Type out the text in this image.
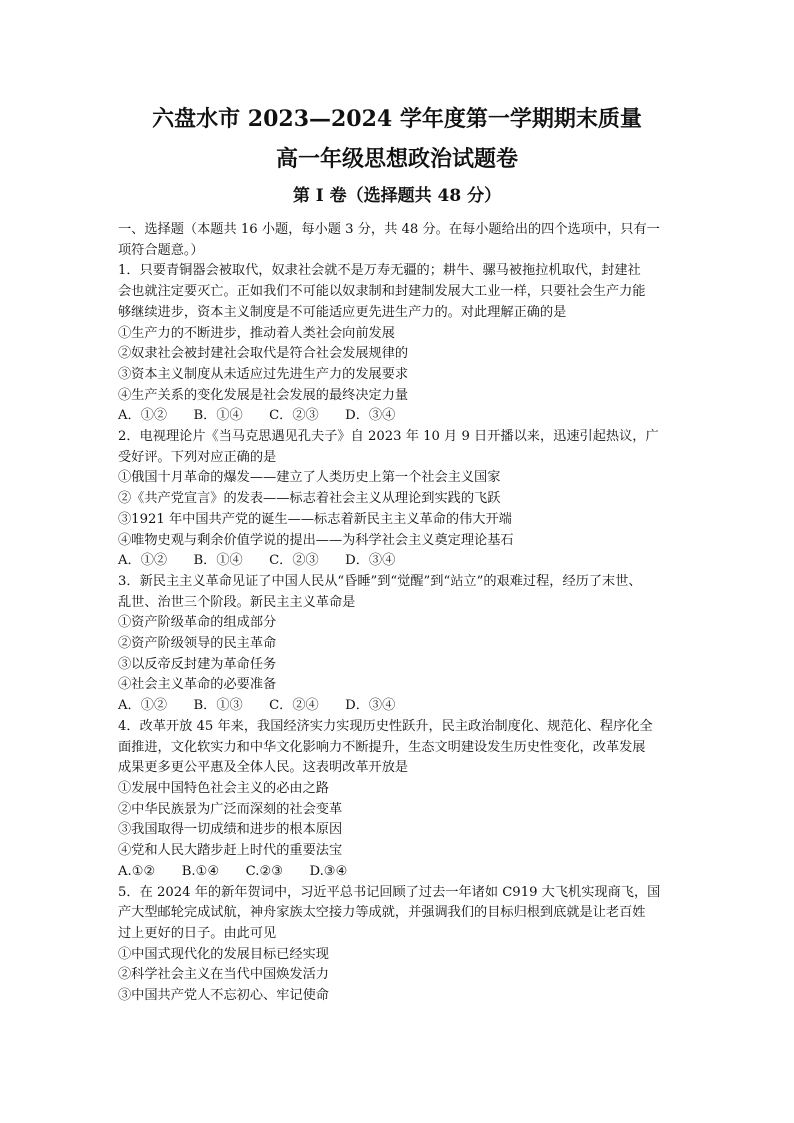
六盘水市 2023—2024 学年度第一学期期末质量
高一年级思想政治试题卷
第 I 卷（选择题共 48 分）

一、选择题（本题共 16 小题，每小题 3 分，共 48 分。在每小题给出的四个选项中，只有一

项符合题意。）

1．只要青铜器会被取代，奴隶社会就不是万寿无疆的；耕牛、骡马被拖拉机取代，封建社

会也就注定要灭亡。正如我们不可能以奴隶制和封建制发展大工业一样，只要社会生产力能

够继续进步，资本主义制度是不可能适应更先进生产力的。对此理解正确的是

①生产力的不断进步，推动着人类社会向前发展

②奴隶社会被封建社会取代是符合社会发展规律的

③资本主义制度从未适应过先进生产力的发展要求

④生产关系的变化发展是社会发展的最终决定力量

A．①②　　B．①④　　C．②③　　D．③④

2．电视理论片《当马克思遇见孔夫子》自 2023 年 10 月 9 日开播以来，迅速引起热议，广

受好评。下列对应正确的是

①俄国十月革命的爆发——建立了人类历史上第一个社会主义国家

②《共产党宣言》的发表——标志着社会主义从理论到实践的飞跃

③1921 年中国共产党的诞生——标志着新民主主义革命的伟大开端

④唯物史观与剩余价值学说的提出——为科学社会主义奠定理论基石

A．①②　　B．①④　　C．②③　　D．③④

3．新民主主义革命见证了中国人民从“昏睡”到“觉醒”到“站立”的艰难过程，经历了末世、

乱世、治世三个阶段。新民主主义革命是

①资产阶级革命的组成部分

②资产阶级领导的民主革命

③以反帝反封建为革命任务

④社会主义革命的必要准备

A．①②　　B．①③　　C．②④　　D．③④

4．改革开放 45 年来，我国经济实力实现历史性跃升，民主政治制度化、规范化、程序化全

面推进，文化软实力和中华文化影响力不断提升，生态文明建设发生历史性变化，改革发展

成果更多更公平惠及全体人民。这表明改革开放是

①发展中国特色社会主义的必由之路

②中华民族景为广泛而深刻的社会变革

③我国取得一切成绩和进步的根本原因

④党和人民大踏步赶上时代的重要法宝

A.①②　　B.①④　　C.②③　　D.③④

5．在 2024 年的新年贺词中，习近平总书记回顾了过去一年诸如 C919 大飞机实现商飞，国

产大型邮轮完成试航，神舟家族太空接力等成就，并强调我们的目标归根到底就是让老百姓

过上更好的日子。由此可见

①中国式现代化的发展目标已经实现

②科学社会主义在当代中国焕发活力

③中国共产党人不忘初心、牢记使命
